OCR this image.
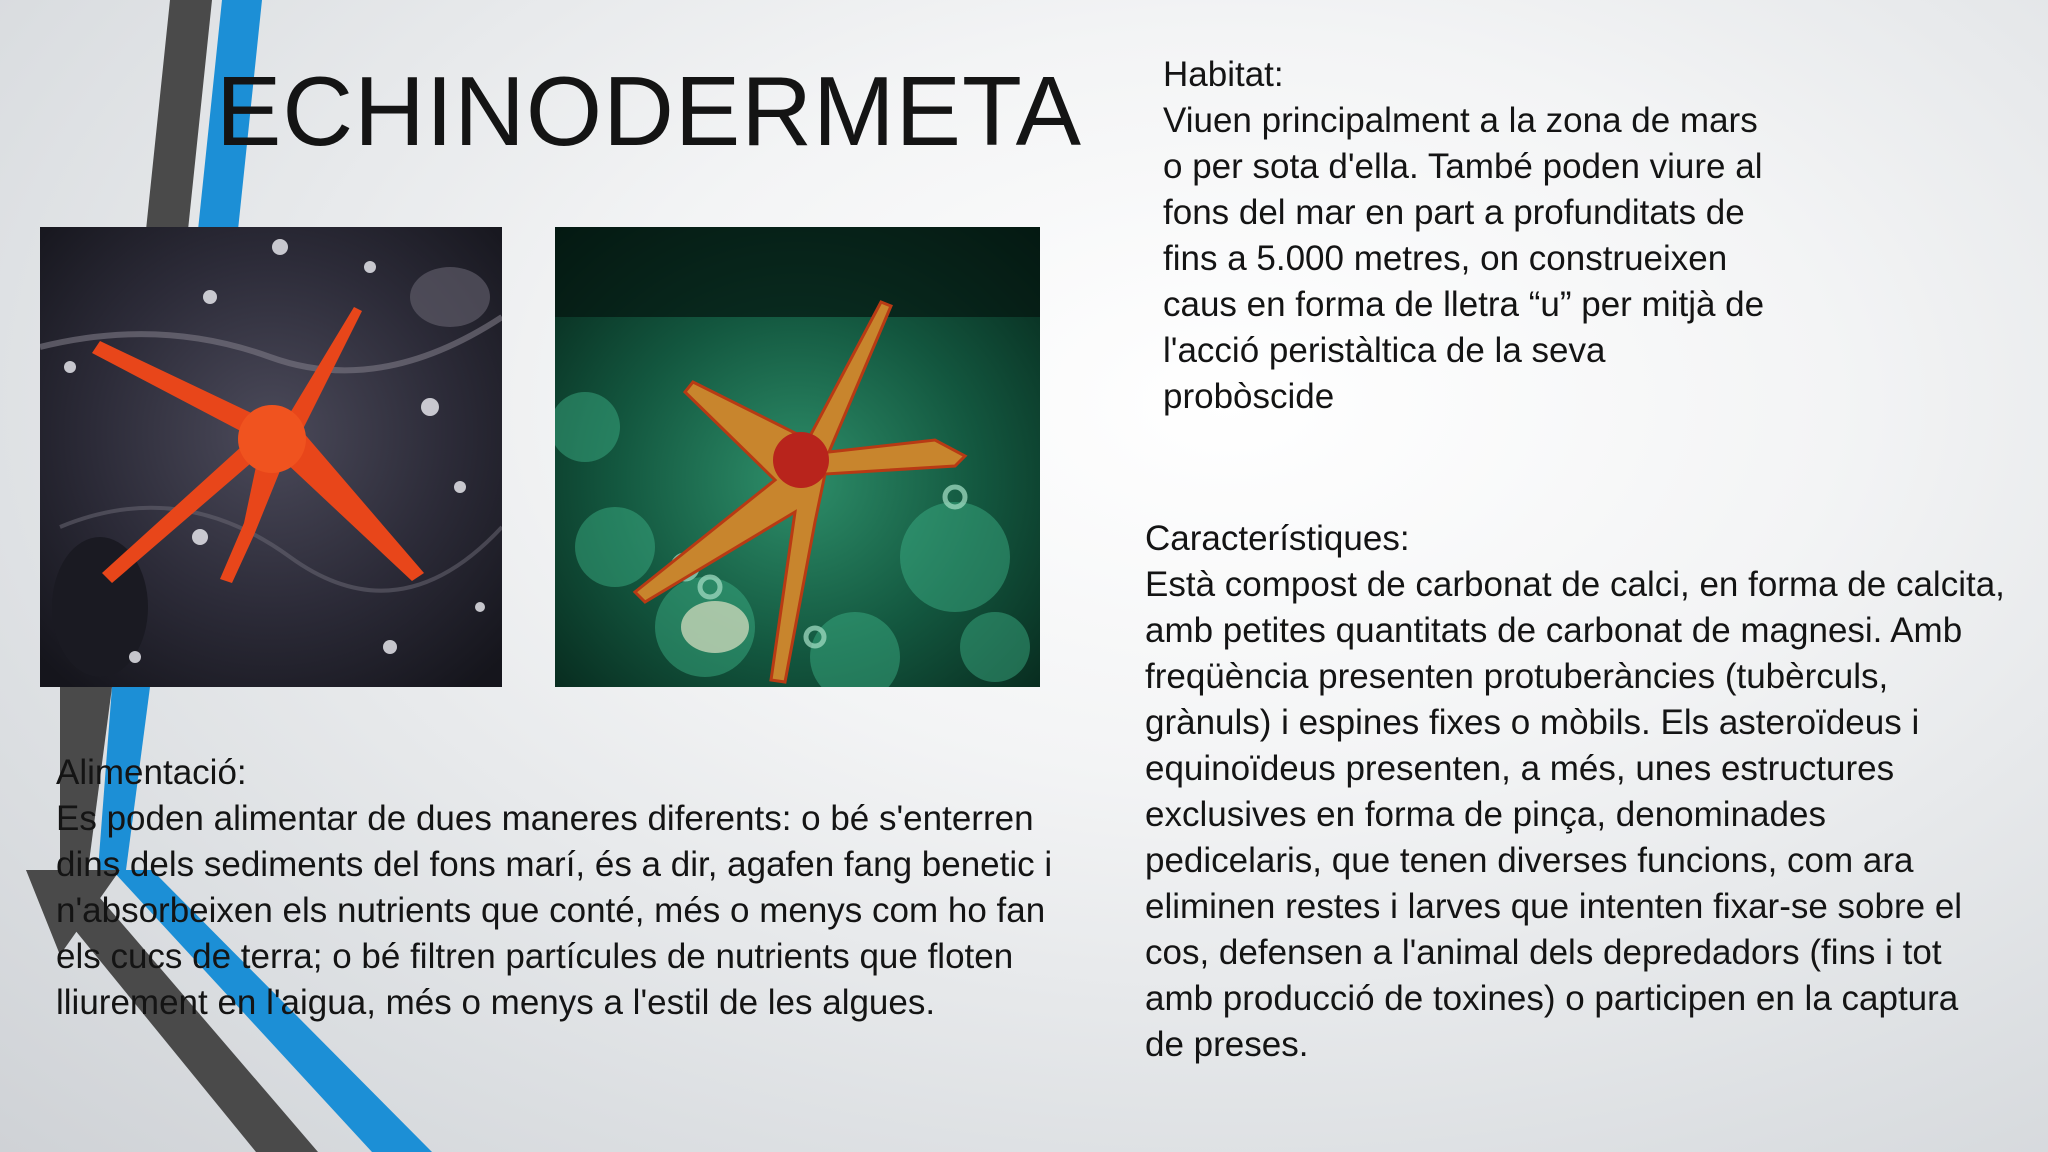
ECHINODERMETA Habitat:
Viuen principalment a la zona de mars o per sota d'ella. També poden viure al fons del mar en part a profunditats de fins a 5.000 metres, on construeixen caus en forma de lletra “u” per mitjà de l'acció peristàltica de la seva probòscide

Característiques:
Està compost de carbonat de calci, en forma de calcita, amb petites quantitats de carbonat de magnesi. Amb freqüència presenten protuberàncies (tubèrculs, grànuls) i espines fixes o mòbils. Els asteroïdeus i equinoïdeus presenten, a més, unes estructures exclusives en forma de pinça, denominades pedicelaris, que tenen diverses funcions, com ara eliminen restes i larves que intenten fixar-se sobre el cos, defensen a l'animal dels depredadors (fins i tot amb producció de toxines) o participen en la captura de preses.

Alimentació:
Es poden alimentar de dues maneres diferents: o bé s'enterren dins dels sediments del fons marí, és a dir, agafen fang benetic i n'absorbeixen els nutrients que conté, més o menys com ho fan els cucs de terra; o bé filtren partícules de nutrients que floten lliurement en l'aigua, més o menys a l'estil de les algues.
